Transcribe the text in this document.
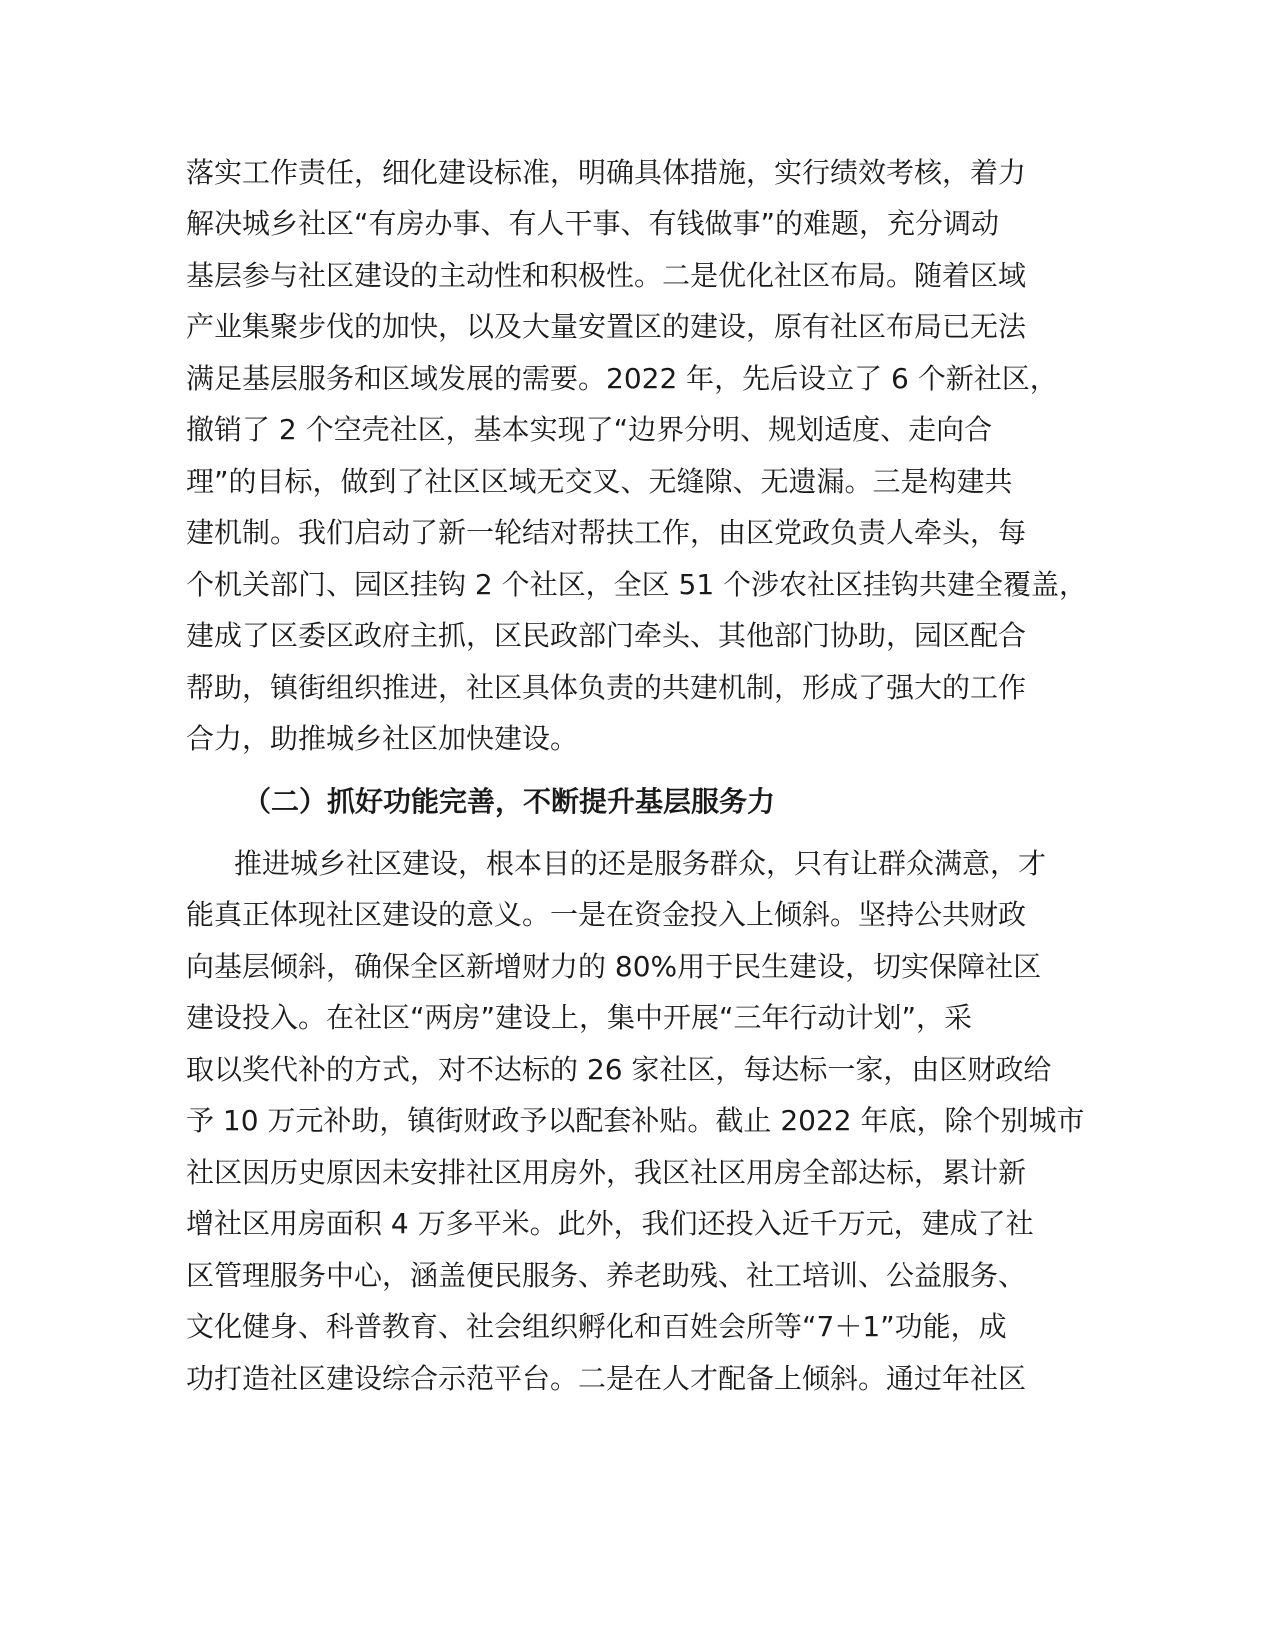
落实工作责任，细化建设标准，明确具体措施，实行绩效考核，着力
解决城乡社区“有房办事、有人干事、有钱做事”的难题，充分调动
基层参与社区建设的主动性和积极性。二是优化社区布局。随着区域
产业集聚步伐的加快，以及大量安置区的建设，原有社区布局已无法
满足基层服务和区域发展的需要。2022 年，先后设立了 6 个新社区，
撤销了 2 个空壳社区，基本实现了“边界分明、规划适度、走向合
理”的目标，做到了社区区域无交叉、无缝隙、无遗漏。三是构建共
建机制。我们启动了新一轮结对帮扶工作，由区党政负责人牵头，每
个机关部门、园区挂钩 2 个社区，全区 51 个涉农社区挂钩共建全覆盖，
建成了区委区政府主抓，区民政部门牵头、其他部门协助，园区配合
帮助，镇街组织推进，社区具体负责的共建机制，形成了强大的工作
合力，助推城乡社区加快建设。
（二）抓好功能完善，不断提升基层服务力
推进城乡社区建设，根本目的还是服务群众，只有让群众满意，才
能真正体现社区建设的意义。一是在资金投入上倾斜。坚持公共财政
向基层倾斜，确保全区新增财力的 80%用于民生建设，切实保障社区
建设投入。在社区“两房”建设上，集中开展“三年行动计划”，采
取以奖代补的方式，对不达标的 26 家社区，每达标一家，由区财政给
予 10 万元补助，镇街财政予以配套补贴。截止 2022 年底，除个别城市
社区因历史原因未安排社区用房外，我区社区用房全部达标，累计新
增社区用房面积 4 万多平米。此外，我们还投入近千万元，建成了社
区管理服务中心，涵盖便民服务、养老助残、社工培训、公益服务、
文化健身、科普教育、社会组织孵化和百姓会所等“7＋1”功能，成
功打造社区建设综合示范平台。二是在人才配备上倾斜。通过年社区
